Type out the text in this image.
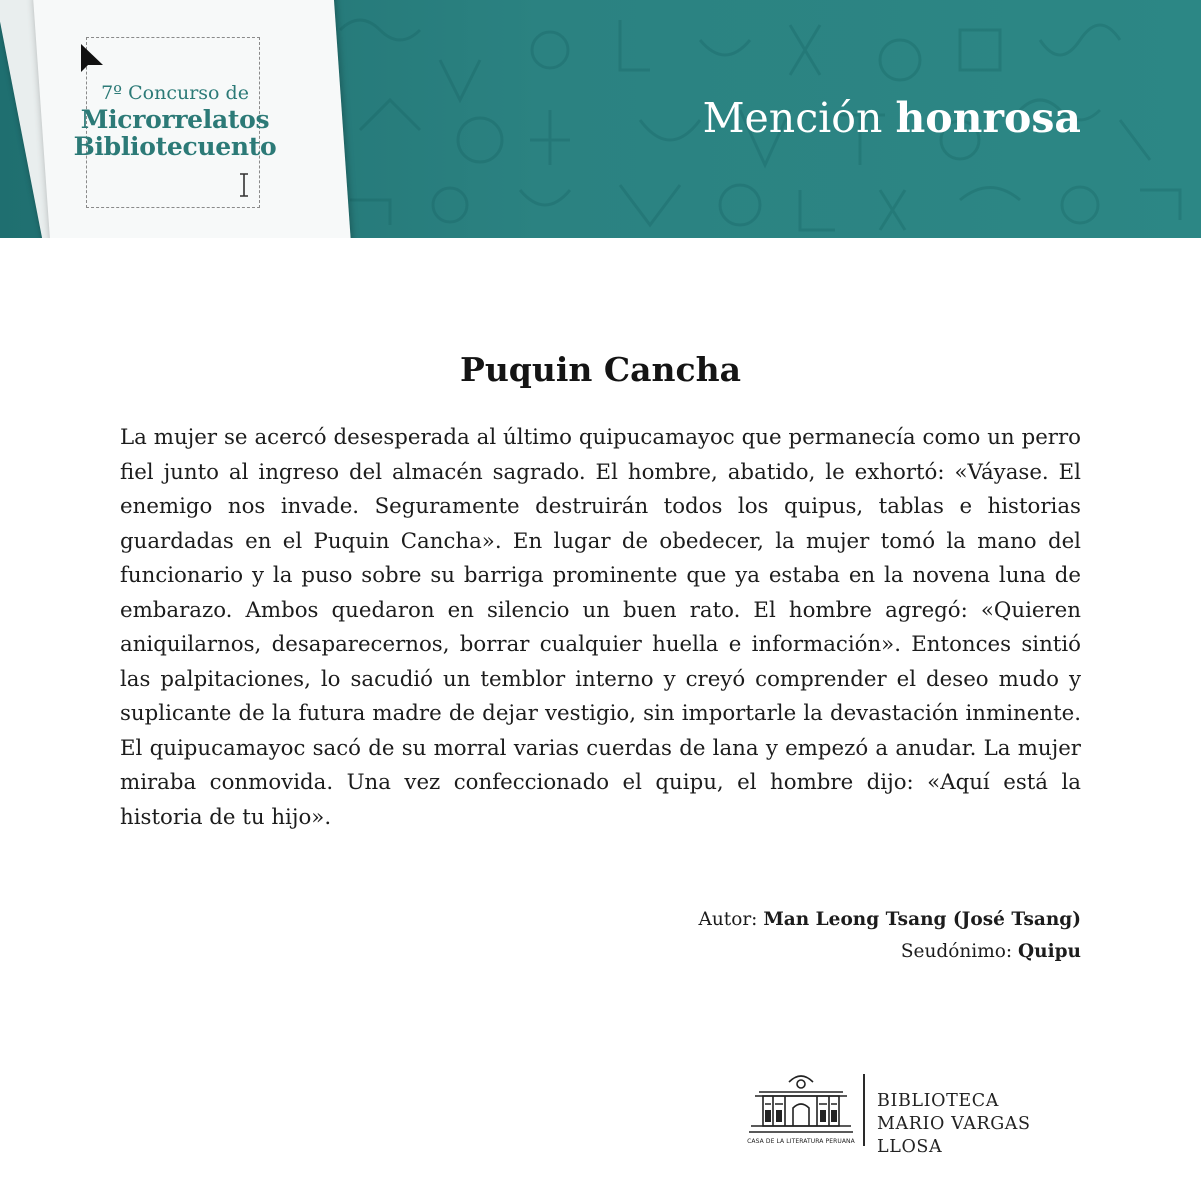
7º Concurso de
Microrrelatos
Bibliotecuento
Mención honrosa
Puquin Cancha

La mujer se acercó desesperada al último quipucamayoc que permanecía como un perro fiel junto al ingreso del almacén sagrado. El hombre, abatido, le exhortó: «Váyase. El enemigo nos invade. Seguramente destruirán todos los quipus, tablas e historias guardadas en el Puquin Cancha». En lugar de obedecer, la mujer tomó la mano del funcionario y la puso sobre su barriga prominente que ya estaba en la novena luna de embarazo. Ambos quedaron en silencio un buen rato. El hombre agregó: «Quieren aniquilarnos, desaparecernos, borrar cualquier huella e información». Entonces sintió las palpitaciones, lo sacudió un temblor interno y creyó comprender el deseo mudo y suplicante de la futura madre de dejar vestigio, sin importarle la devastación inminente. El quipucamayoc sacó de su morral varias cuerdas de lana y empezó a anudar. La mujer miraba conmovida. Una vez confeccionado el quipu, el hombre dijo: «Aquí está la historia de tu hijo».

Autor: Man Leong Tsang (José Tsang)
Seudónimo: Quipu
CASA DE LA LITERATURA PERUANA
BIBLIOTECA
MARIO VARGAS LLOSA
